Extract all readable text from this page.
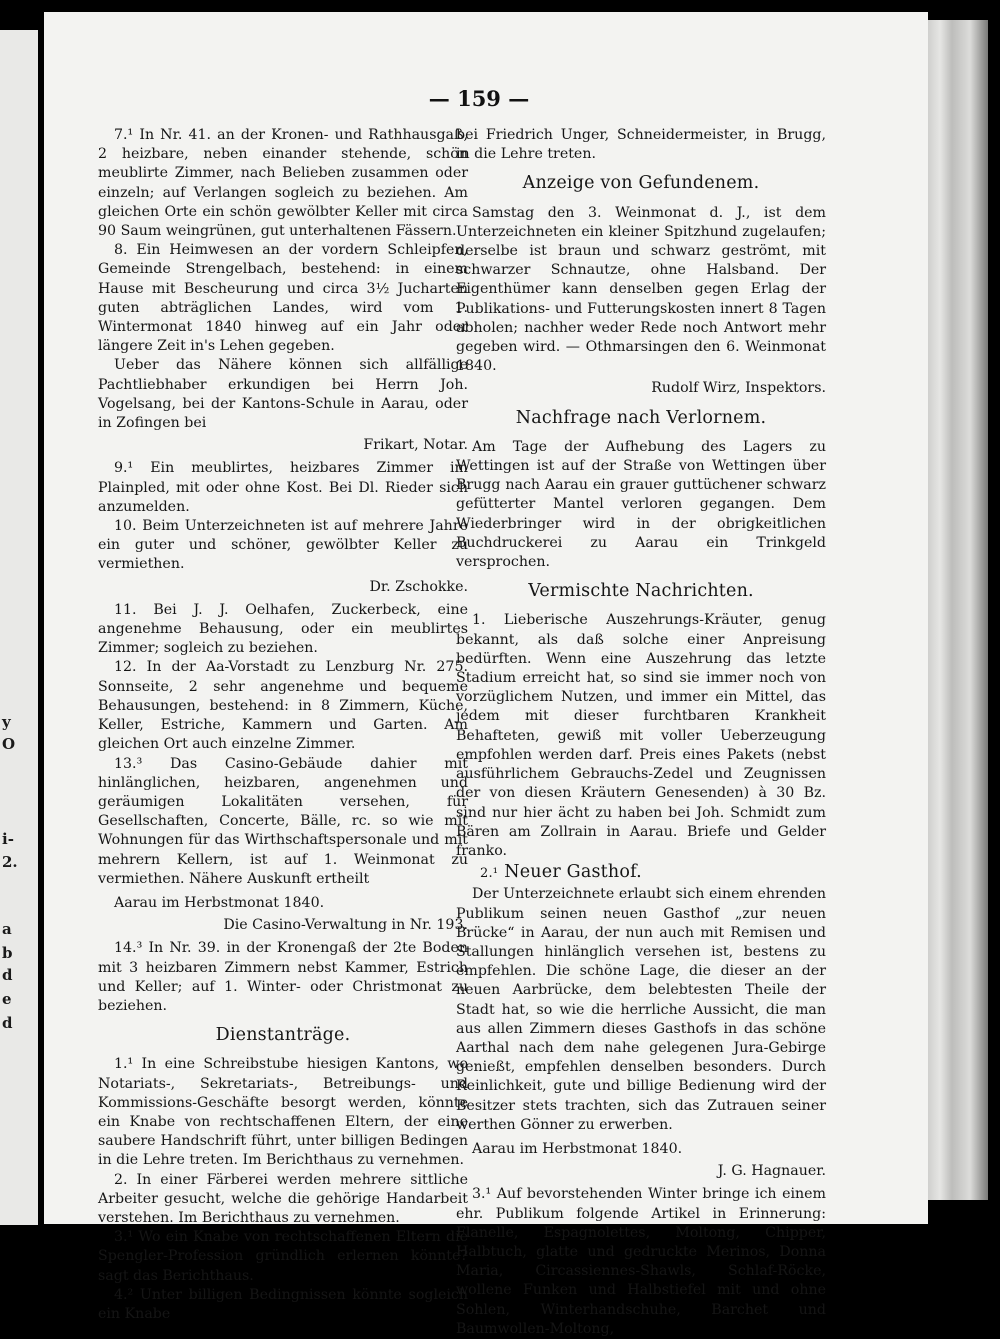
y
O
i-
2.
a
b
d
e
d
— 159 —

7.¹ In Nr. 41. an der Kronen- und Rathhausgaß, 2 heizbare, neben einander stehende, schön meublirte Zimmer, nach Belieben zusammen oder einzeln; auf Verlangen sogleich zu beziehen. Am gleichen Orte ein schön gewölbter Keller mit circa 90 Saum weingrünen, gut unterhaltenen Fässern.

8. Ein Heimwesen an der vordern Schleipfen, Gemeinde Strengelbach, bestehend: in einem Hause mit Bescheurung und circa 3½ Jucharten guten abträglichen Landes, wird vom 1. Wintermonat 1840 hinweg auf ein Jahr oder längere Zeit in's Lehen gegeben.

Ueber das Nähere können sich allfällige Pachtliebhaber erkundigen bei Herrn Joh. Vogelsang, bei der Kantons-Schule in Aarau, oder in Zofingen bei

Frikart, Notar.

9.¹ Ein meublirtes, heizbares Zimmer im Plainpled, mit oder ohne Kost. Bei Dl. Rieder sich anzumelden.

10. Beim Unterzeichneten ist auf mehrere Jahre ein guter und schöner, gewölbter Keller zu vermiethen.

Dr. Zschokke.

11. Bei J. J. Oelhafen, Zuckerbeck, eine angenehme Behausung, oder ein meublirtes Zimmer; sogleich zu beziehen.

12. In der Aa-Vorstadt zu Lenzburg Nr. 275. Sonnseite, 2 sehr angenehme und bequeme Behausungen, bestehend: in 8 Zimmern, Küche, Keller, Estriche, Kammern und Garten. Am gleichen Ort auch einzelne Zimmer.

13.³ Das Casino-Gebäude dahier mit hinlänglichen, heizbaren, angenehmen und geräumigen Lokalitäten versehen, für Gesellschaften, Concerte, Bälle, rc. so wie mit Wohnungen für das Wirthschaftspersonale und mit mehrern Kellern, ist auf 1. Weinmonat zu vermiethen. Nähere Auskunft ertheilt

Aarau im Herbstmonat 1840.

Die Casino-Verwaltung in Nr. 193.

14.³ In Nr. 39. in der Kronengaß der 2te Boden mit 3 heizbaren Zimmern nebst Kammer, Estrich und Keller; auf 1. Winter- oder Christmonat zu beziehen.

Dienstanträge.

1.¹ In eine Schreibstube hiesigen Kantons, wo Notariats-, Sekretariats-, Betreibungs- und Kommissions-Geschäfte besorgt werden, könnte ein Knabe von rechtschaffenen Eltern, der eine saubere Handschrift führt, unter billigen Bedingen in die Lehre treten. Im Berichthaus zu vernehmen.

2. In einer Färberei werden mehrere sittliche Arbeiter gesucht, welche die gehörige Handarbeit verstehen. Im Berichthaus zu vernehmen.

3.¹ Wo ein Knabe von rechtschaffenen Eltern die Spengler-Profession gründlich erlernen könnte? sagt das Berichthaus.

4.² Unter billigen Bedingnissen könnte sogleich ein Knabe

bei Friedrich Unger, Schneidermeister, in Brugg, in die Lehre treten.

Anzeige von Gefundenem.

Samstag den 3. Weinmonat d. J., ist dem Unterzeichneten ein kleiner Spitzhund zugelaufen; derselbe ist braun und schwarz geströmt, mit schwarzer Schnautze, ohne Halsband. Der Eigenthümer kann denselben gegen Erlag der Publikations- und Futterungskosten innert 8 Tagen abholen; nachher weder Rede noch Antwort mehr gegeben wird. — Othmarsingen den 6. Weinmonat 1840.

Rudolf Wirz, Inspektors.

Nachfrage nach Verlornem.

Am Tage der Aufhebung des Lagers zu Wettingen ist auf der Straße von Wettingen über Brugg nach Aarau ein grauer guttüchener schwarz gefütterter Mantel verloren gegangen. Dem Wiederbringer wird in der obrigkeitlichen Buchdruckerei zu Aarau ein Trinkgeld versprochen.

Vermischte Nachrichten.

1. Lieberische Auszehrungs-Kräuter, genug bekannt, als daß solche einer Anpreisung bedürften. Wenn eine Auszehrung das letzte Stadium erreicht hat, so sind sie immer noch von vorzüglichem Nutzen, und immer ein Mittel, das jedem mit dieser furchtbaren Krankheit Behafteten, gewiß mit voller Ueberzeugung empfohlen werden darf. Preis eines Pakets (nebst ausführlichem Gebrauchs-Zedel und Zeugnissen der von diesen Kräutern Genesenden) à 30 Bz. sind nur hier ächt zu haben bei Joh. Schmidt zum Bären am Zollrain in Aarau. Briefe und Gelder franko.

2.¹ Neuer Gasthof.

Der Unterzeichnete erlaubt sich einem ehrenden Publikum seinen neuen Gasthof „zur neuen Brücke“ in Aarau, der nun auch mit Remisen und Stallungen hinlänglich versehen ist, bestens zu empfehlen. Die schöne Lage, die dieser an der neuen Aarbrücke, dem belebtesten Theile der Stadt hat, so wie die herrliche Aussicht, die man aus allen Zimmern dieses Gasthofs in das schöne Aarthal nach dem nahe gelegenen Jura-Gebirge genießt, empfehlen denselben besonders. Durch Reinlichkeit, gute und billige Bedienung wird der Besitzer stets trachten, sich das Zutrauen seiner werthen Gönner zu erwerben.

Aarau im Herbstmonat 1840.

J. G. Hagnauer.

3.¹ Auf bevorstehenden Winter bringe ich einem ehr. Publikum folgende Artikel in Erinnerung: Flanelle, Espagnolettes, Moltong, Chipper, Halbtuch, glatte und gedruckte Merinos, Donna Maria, Circassiennes-Shawls, Schlaf-Röcke, wollene Funken und Halbstiefel mit und ohne Sohlen, Winterhandschuhe, Barchet und Baumwollen-Moltong,
